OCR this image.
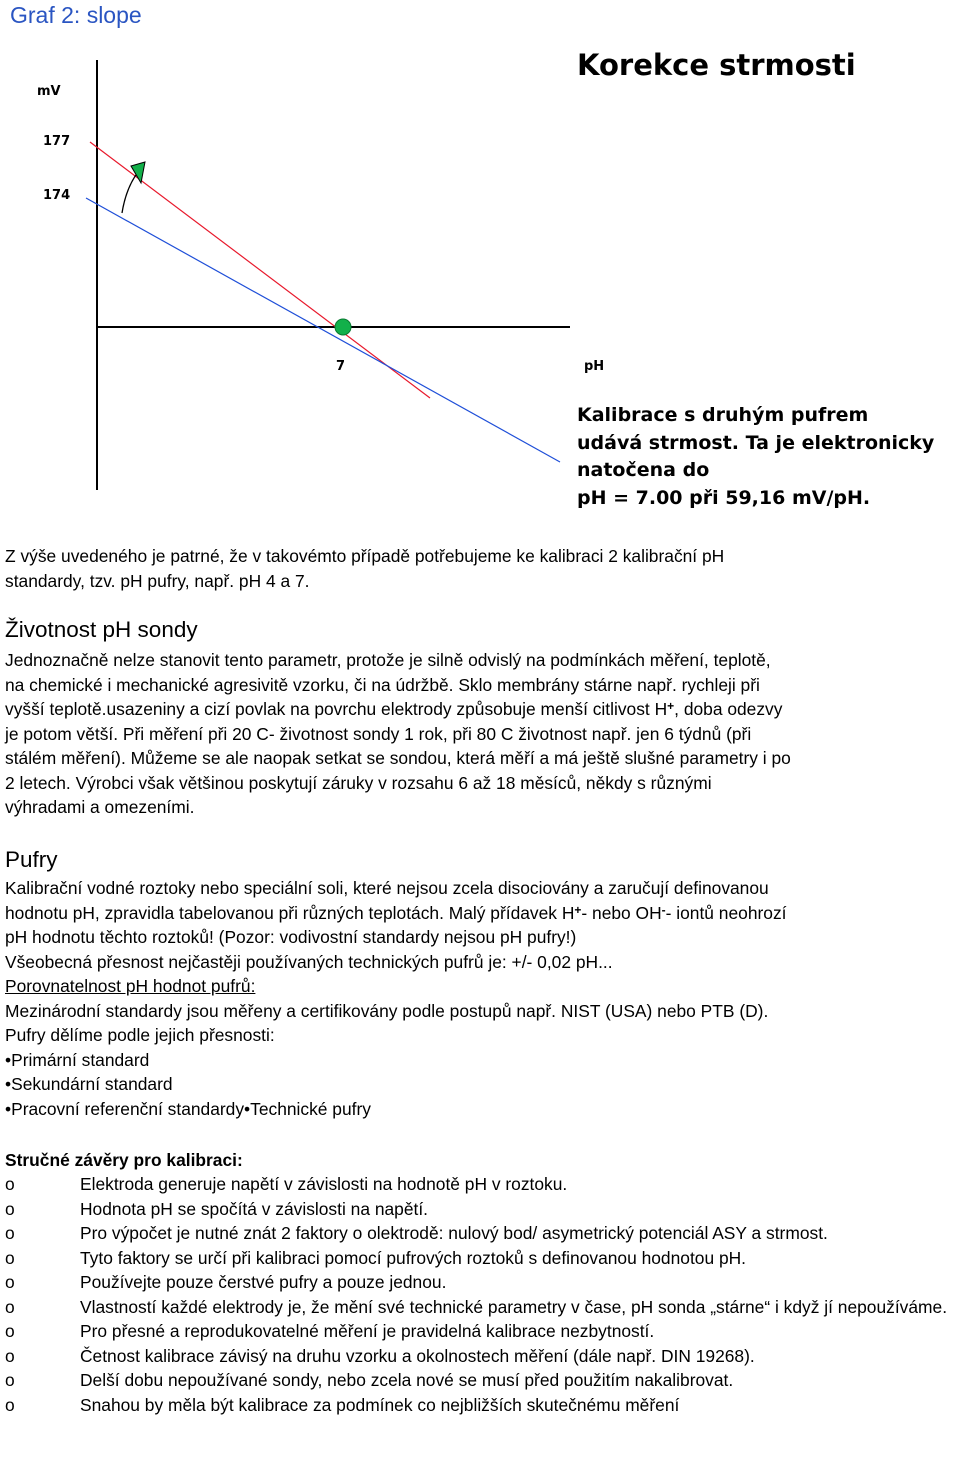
Graf 2: slope
mV
177
174
7	pH
Korekce strmosti
Kalibrace s druhým pufrem
udává strmost. Ta je elektronicky
natočena do
pH = 7.00 při 59,16 mV/pH.
Z výše uvedeného je patrné, že v takovémto případě potřebujeme ke kalibraci 2 kalibrační pH
standardy, tzv. pH pufry, např. pH 4 a 7.
Životnost pH sondy
Jednoznačně nelze stanovit tento parametr, protože je silně odvislý na podmínkách měření, teplotě,
na chemické i mechanické agresivitě vzorku, či na údržbě. Sklo membrány stárne např. rychleji při
vyšší teplotě.usazeniny a cizí povlak na povrchu elektrody způsobuje menší citlivost H+, doba odezvy
je potom větší. Při měření při 20 C- životnost sondy 1 rok, při 80 C životnost např. jen 6 týdnů (při
stálém měření). Můžeme se ale naopak setkat se sondou, která měří a má ještě slušné parametry i po
2 letech. Výrobci však většinou poskytují záruky v rozsahu 6 až 18 měsíců, někdy s různými
výhradami a omezeními.
Pufry
Kalibrační vodné roztoky nebo speciální soli, které nejsou zcela disociovány a zaručují definovanou
hodnotu pH, zpravidla tabelovanou při různých teplotách. Malý přídavek H+- nebo OH-- iontů neohrozí
pH hodnotu těchto roztoků! (Pozor: vodivostní standardy nejsou pH pufry!)
Všeobecná přesnost nejčastěji používaných technických pufrů je: +/- 0,02 pH...
Porovnatelnost pH hodnot pufrů:
Mezinárodní standardy jsou měřeny a certifikovány podle postupů např. NIST (USA) nebo PTB (D).
Pufry dělíme podle jejich přesnosti:
•Primární standard
•Sekundární standard
•Pracovní referenční standardy•Technické pufry
Stručné závěry pro kalibraci:
o	Elektroda generuje napětí v závislosti na hodnotě pH v roztoku.
o	Hodnota pH se spočítá v závislosti na napětí.
o	Pro výpočet je nutné znát 2 faktory o olektrodě: nulový bod/ asymetrický potenciál ASY a strmost.
o	Tyto faktory se určí při kalibraci pomocí pufrových roztoků s definovanou hodnotou pH.
o	Používejte pouze čerstvé pufry a pouze jednou.
o	Vlastností každé elektrody je, že mění své technické parametry v čase, pH sonda „stárne“ i když jí nepoužíváme.
o	Pro přesné a reprodukovatelné měření je pravidelná kalibrace nezbytností.
o	Četnost kalibrace závisý na druhu vzorku a okolnostech měření (dále např. DIN 19268).
o	Delší dobu nepoužívané sondy, nebo zcela nové se musí před použitím nakalibrovat.
o	Snahou by měla být kalibrace za podmínek co nejbližších skutečnému měření
